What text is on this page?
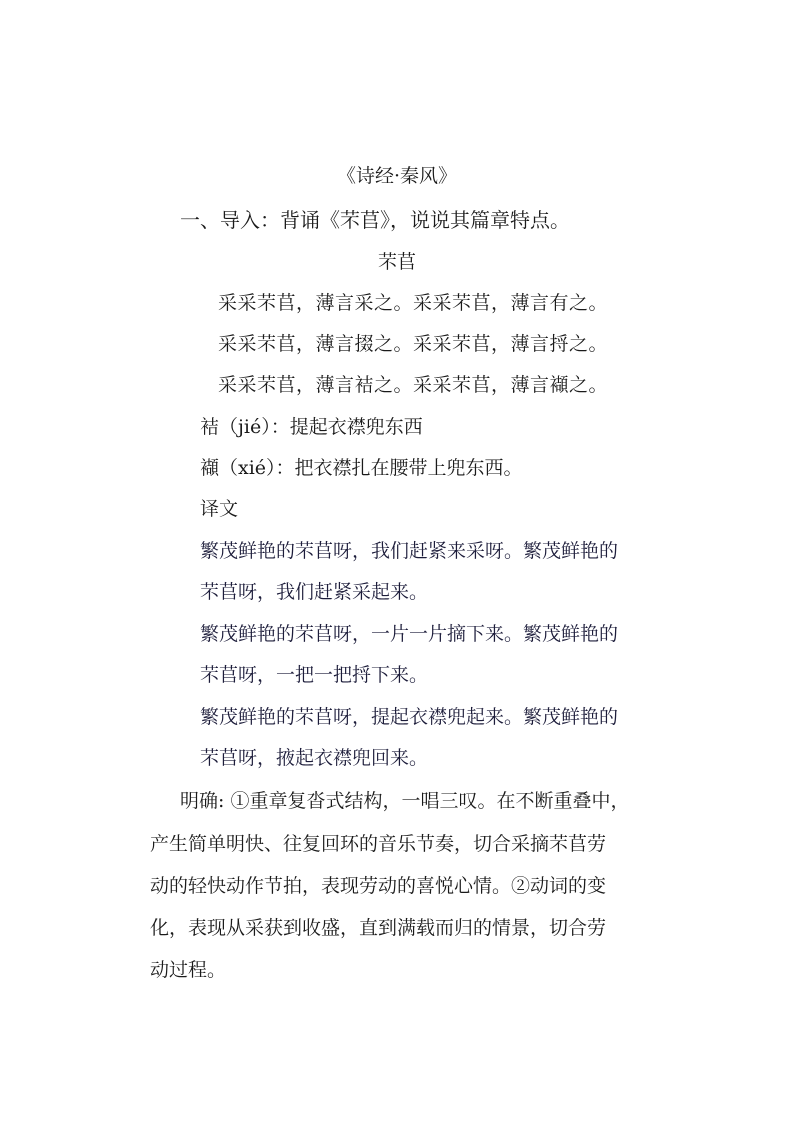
《诗经·秦风》
一、导入：背诵《芣苢》，说说其篇章特点。
芣苢
采采芣苢，薄言采之。采采芣苢，薄言有之。
采采芣苢，薄言掇之。采采芣苢，薄言捋之。
采采芣苢，薄言袺之。采采芣苢，薄言襭之。
袺（jié）：提起衣襟兜东西
襭（xié）：把衣襟扎在腰带上兜东西。
译文
繁茂鲜艳的芣苢呀，我们赶紧来采呀。繁茂鲜艳的
芣苢呀，我们赶紧采起来。
繁茂鲜艳的芣苢呀，一片一片摘下来。繁茂鲜艳的
芣苢呀，一把一把捋下来。
繁茂鲜艳的芣苢呀，提起衣襟兜起来。繁茂鲜艳的
芣苢呀，掖起衣襟兜回来。
明确: ①重章复沓式结构，一唱三叹。在不断重叠中，
产生简单明快、往复回环的音乐节奏，切合采摘芣苢劳
动的轻快动作节拍，表现劳动的喜悦心情。②动词的变
化，表现从采获到收盛，直到满载而归的情景，切合劳
动过程。
